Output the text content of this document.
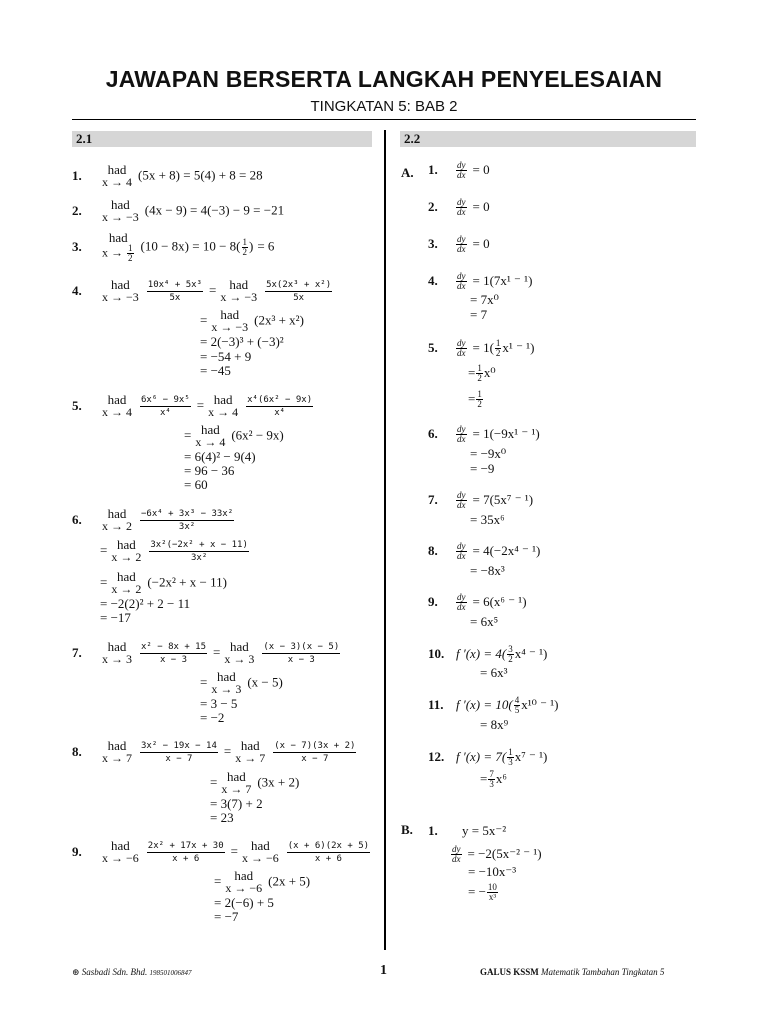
JAWAPAN BERSERTA LANGKAH PENYELESAIAN
TINGKATAN 5: BAB 2
2.1	2.2
1. had
x → 4 (5x + 8) = 5(4) + 8 = 28
2. had
x → −3 (4x − 9) = 4(−3) − 9 = −21
3.
had
$x \to \frac{1}{2} (10 - 8x) = 10 - 8( \frac{1}{2}$ ) = 6
4. had
x → −3
$\frac{\text{10x⁴ + 5x³}}{5x}$ = had
x → −3
$\frac{\text{5x(2x³ + x²)}}{5x}$
= had
x → −3 (2x³ + x²)
= 2(−3)³ + (−3)²
= −54 + 9
= −45
5. had
x → 4
$\frac{\text{6x⁶ − 9x⁵}}{\text{x⁴}}$ = had
x → 4
$\frac{\text{x⁴(6x² − 9x)}}{\text{x⁴}}$
= had
x → 4 (6x² − 9x)
= 6(4)² − 9(4)
= 96 − 36
= 60
6. had
x → 2
$\frac{\text{−6x⁴ + 3x³ − 33x²}}{\text{3x²}}$
= had
x → 2
$\frac{\text{3x²(−2x² + x − 11)}}{\text{3x²}}$
= had
x → 2 (−2x² + x − 11)
= −2(2)² + 2 − 11
= −17
7. had
x → 3
$\frac{\text{x² − 8x + 15}}{x - 3}$ = had
x → 3
$\frac{(x - 3)(x - 5)}{x - 3}$
= had
x → 3 (x − 5)
= 3 − 5
= −2
8. had
x → 7
$\frac{\text{3x² − 19x − 14}}{x - 7}$ = had
x → 7
$\frac{(x - 7)(3x + 2)}{x - 7}$
= had
x → 7 (3x + 2)
= 3(7) + 2
= 23
9. had
x → −6
$\frac{\text{2x² + 17x + 30}}{x + 6}$ = had
x → −6
$\frac{(x + 6)(2x + 5)}{x + 6}$
= had
x → −6 (2x + 5)
= 2(−6) + 5
= −7
A. 1. $\frac{dy}{dx} = 0$
2. $\frac{dy}{dx} = 0$
3. $\frac{dy}{dx} = 0$
4. $\frac{dy}{dx} = 1(7x^1$ ⁻ ¹)
= 7x⁰
= 7
5. $\frac{dy}{dx} = 1( \frac{1}{2} x^1$ ⁻ ¹)
= $\frac{1}{2} x^0$
= $\frac{1}{2}$
6. $\frac{dy}{dx} = 1(-9x^1$ ⁻ ¹)
= −9x⁰
= −9
7. $\frac{dy}{dx} = 7(5x^7$ ⁻ ¹)
= 35x⁶
8. $\frac{dy}{dx} = 4(-2x^4$ ⁻ ¹)
= −8x³
9. $\frac{dy}{dx} = 6(x^6$ ⁻ ¹)
= 6x⁵
10. f $'(x) = 4( \frac{3}{2} x^4$ ⁻ ¹)
= 6x³
11. f $'(x) = 10( \frac{4}{5} x^{10}$ ⁻ ¹)
= 8x⁹
12. f $'(x) = 7( \frac{1}{3} x^7$ ⁻ ¹)
= $\frac{7}{3} x^6$
B. 1. y = 5x⁻²
$\frac{dy}{dx} = -2(5x^{-2}$ ⁻ ¹)
= −10x⁻³
= − $\frac{10}{\text{x³}}$
⊛ Sasbadi Sdn. Bhd. 198501006847	1	GALUS KSSM Matematik Tambahan Tingkatan 5
